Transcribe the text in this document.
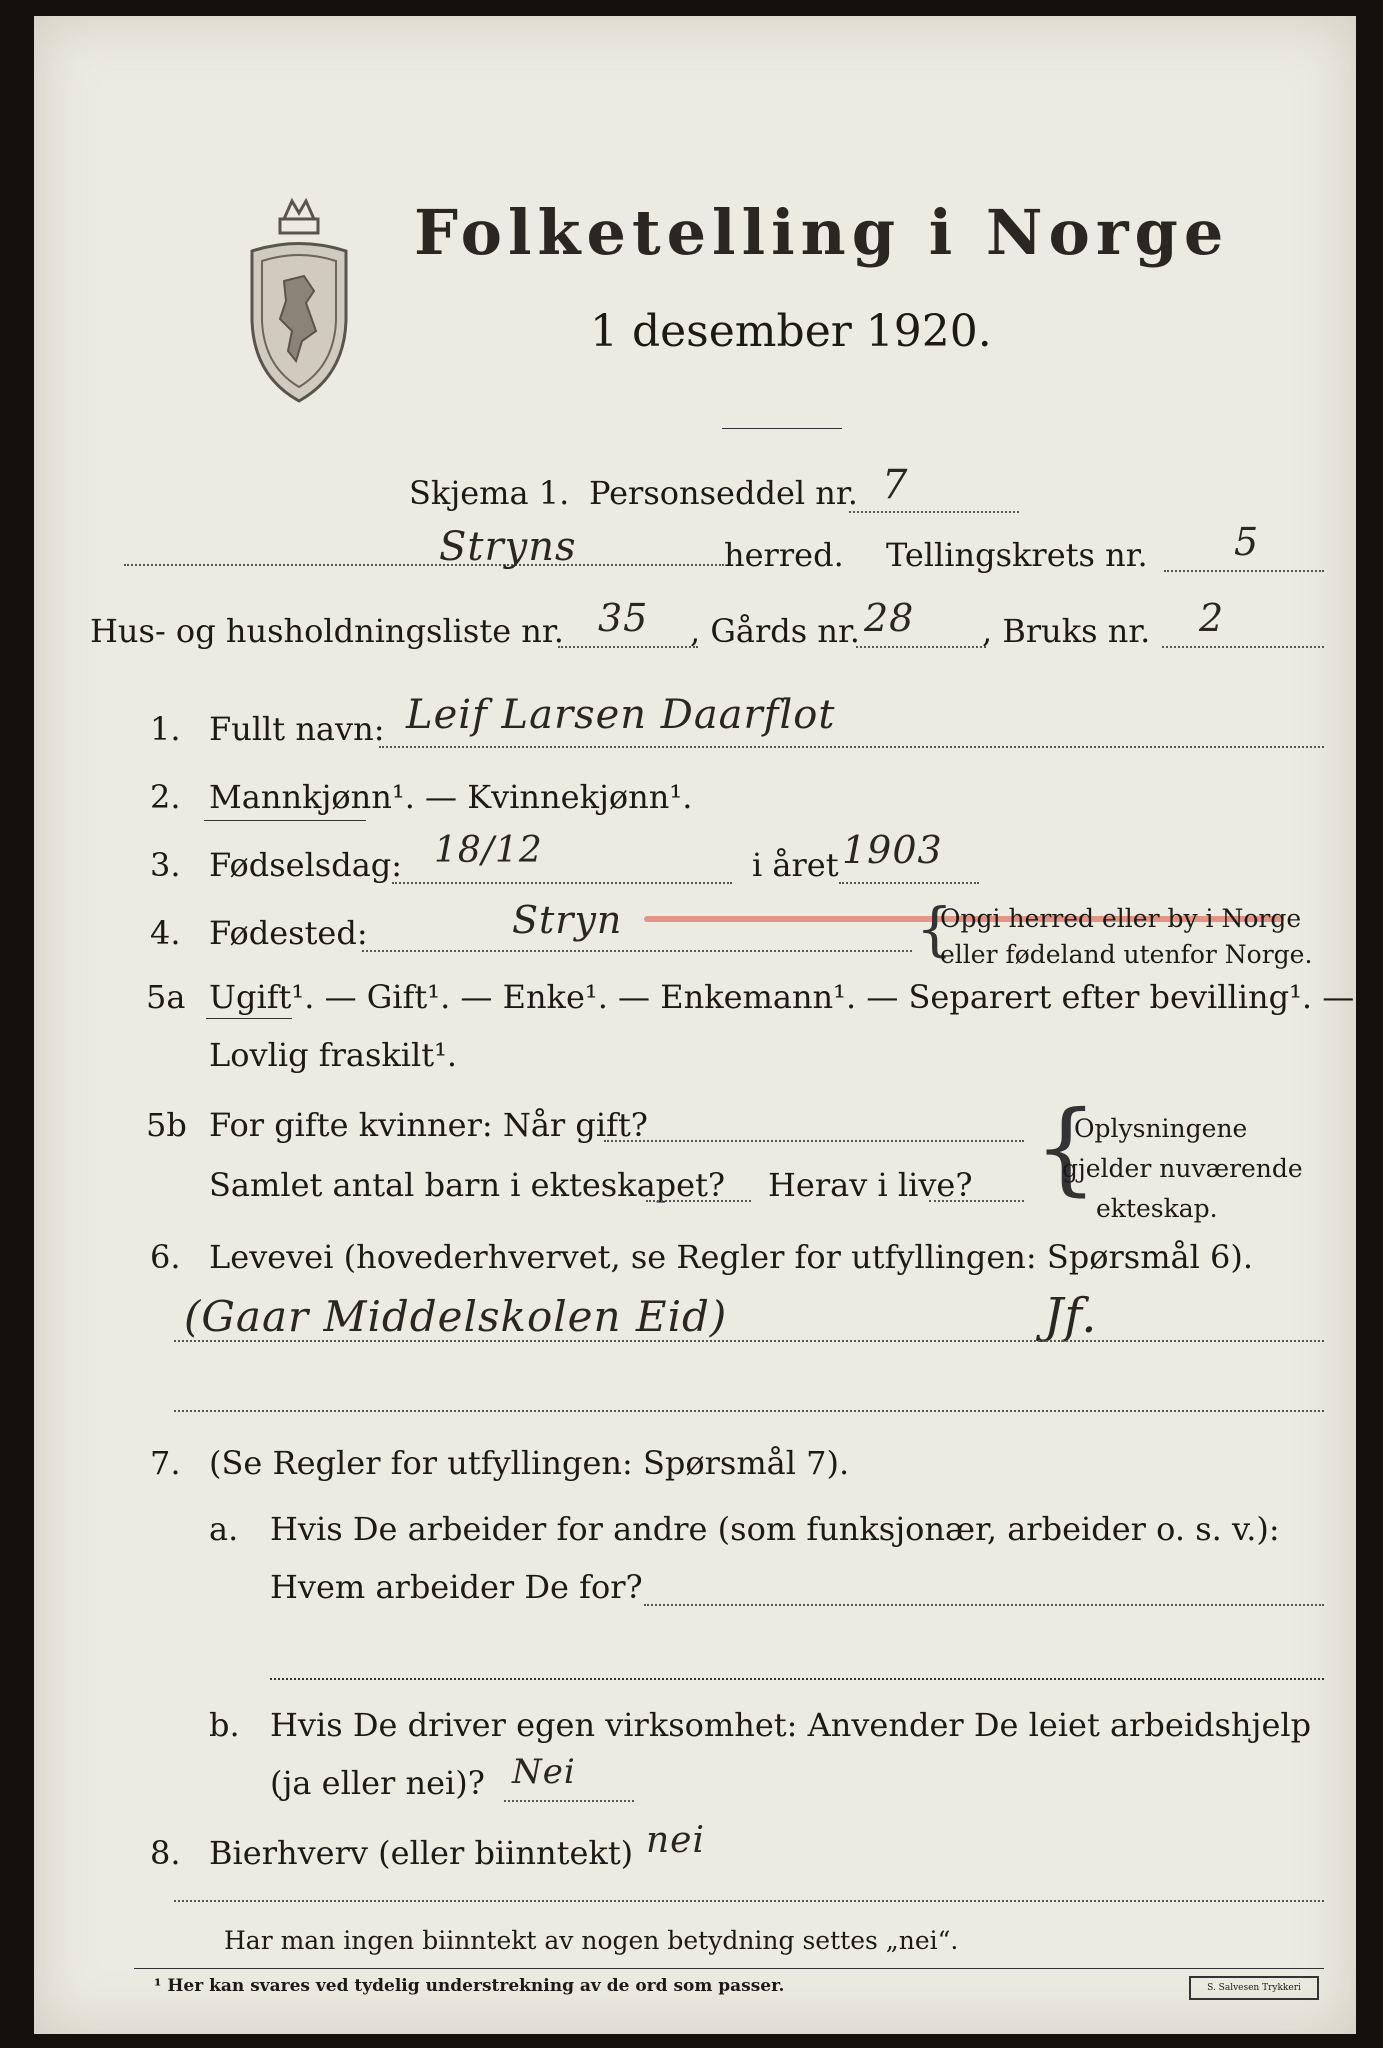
Folketelling i Norge
1 desember 1920.
Skjema 1. Personseddel nr. 7
Stryns	herred. Tellingskrets nr. 5
Hus- og husholdningsliste nr. 35 , Gårds nr. 28 , Bruks nr. 2
1. Fullt navn: Leif Larsen Daarflot
2. Mannkjønn¹. — Kvinnekjønn¹.
3. Fødselsdag: 18/12	i året 1903
4. Fødested:	Stryn	{
Opgi herred eller by i Norge
eller fødeland utenfor Norge.
5a Ugift¹. — Gift¹. — Enke¹. — Enkemann¹. — Separert efter bevilling¹. —
Lovlig fraskilt¹.
5b For gifte kvinner: Når gift?
Samlet antal barn i ekteskapet? Herav i live? {
Oplysningene
gjelder nuværende
ekteskap.
6. Levevei (hovederhvervet, se Regler for utfyllingen: Spørsmål 6).
(Gaar Middelskolen Eid)	Jf.
7. (Se Regler for utfyllingen: Spørsmål 7).
a. Hvis De arbeider for andre (som funksjonær, arbeider o. s. v.):
Hvem arbeider De for?
b. Hvis De driver egen virksomhet: Anvender De leiet arbeidshjelp
(ja eller nei)? Nei
8. Bierhverv (eller biinntekt) nei
Har man ingen biinntekt av nogen betydning settes „nei“.
¹ Her kan svares ved tydelig understrekning av de ord som passer.	S. Salvesen Trykkeri
